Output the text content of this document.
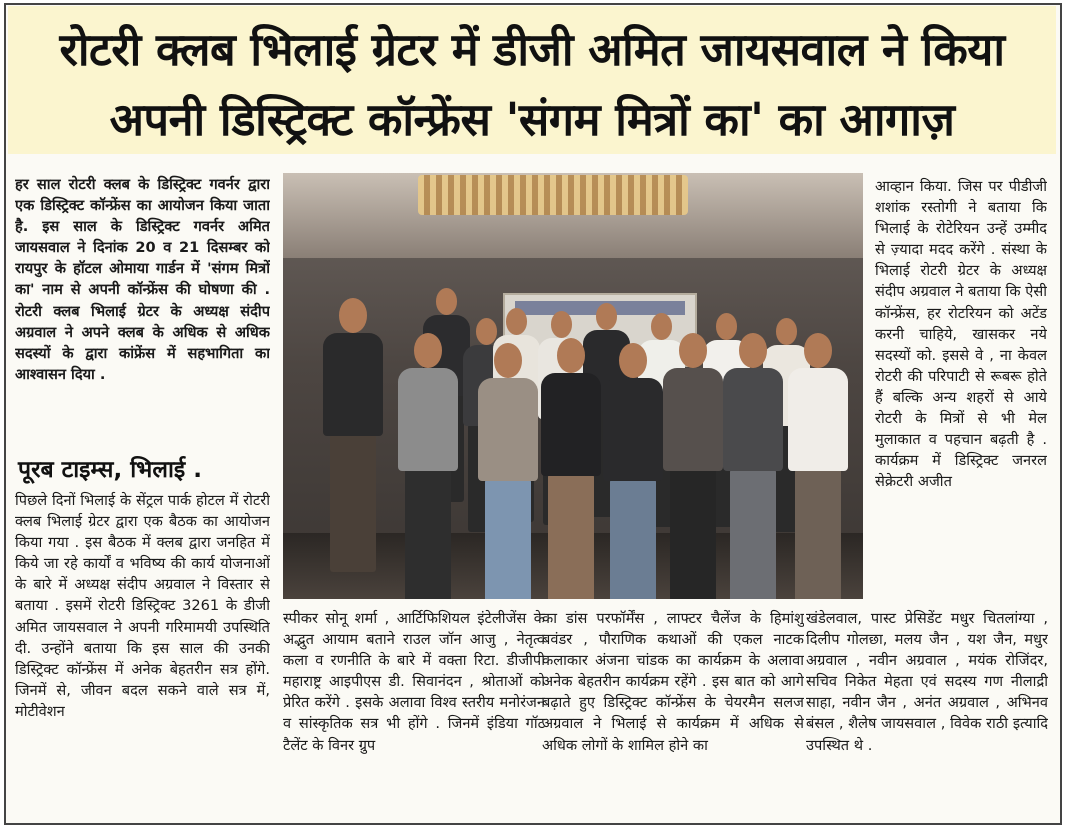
रोटरी क्लब भिलाई ग्रेटर में डीजी अमित जायसवाल ने किया
अपनी डिस्ट्रिक्ट कॉन्फ्रेंस 'संगम मित्रों का' का आगाज़

हर साल रोटरी क्लब के डिस्ट्रिक्ट गवर्नर द्वारा एक डिस्ट्रिक्ट कॉन्फ्रेंस का आयोजन किया जाता है. इस साल के डिस्ट्रिक्ट गवर्नर अमित जायसवाल ने दिनांक 20 व 21 दिसम्बर को रायपुर के हॉटल ओमाया गार्डन में 'संगम मित्रों का' नाम से अपनी कॉन्फ्रेंस की घोषणा की . रोटरी क्लब भिलाई ग्रेटर के अध्यक्ष संदीप अग्रवाल ने अपने क्लब के अधिक से अधिक सदस्यों के द्वारा कांफ्रेंस में सहभागिता का आश्वासन दिया .

पूरब टाइम्स, भिलाई .

पिछले दिनों भिलाई के सेंट्रल पार्क होटल में रोटरी क्लब भिलाई ग्रेटर द्वारा एक बैठक का आयोजन किया गया . इस बैठक में क्लब द्वारा जनहित में किये जा रहे कार्यों व भविष्य की कार्य योजनाओं के बारे में अध्यक्ष संदीप अग्रवाल ने विस्तार से बताया . इसमें रोटरी डिस्ट्रिक्ट 3261 के डीजी अमित जायसवाल ने अपनी गरिमामयी उपस्थिति दी. उन्होंने बताया कि इस साल की उनकी डिस्ट्रिक्ट कॉन्फ्रेंस में अनेक बेहतरीन सत्र होंगे. जिनमें से, जीवन बदल सकने वाले सत्र में, मोटीवेशन

स्पीकर सोनू शर्मा , आर्टिफिशियल इंटेलीजेंस के अद्भुत आयाम बताने राउल जॉन आजु , नेतृत्व कला व रणनीति के बारे में वक्ता रिटा. डीजीपी महाराष्ट्र आइपीएस डी. सिवानंदन , श्रोताओं को प्रेरित करेंगे . इसके अलावा विश्व स्तरीय मनोरंजन व सांस्कृतिक सत्र भी होंगे . जिनमें इंडिया गॉट टैलेंट के विनर ग्रुप

का डांस परफॉर्मेंस , लाफ्टर चैलेंज के हिमांशु बवंडर , पौराणिक कथाओं की एकल नाटक कलाकार अंजना चांडक का कार्यक्रम के अलावा अनेक बेहतरीन कार्यक्रम रहेंगे . इस बात को आगे बढ़ाते हुए डिस्ट्रिक्ट कॉन्फ्रेंस के चेयरमैन सलज अग्रवाल ने भिलाई से कार्यक्रम में अधिक से अधिक लोगों के शामिल होने का

आव्हान किया. जिस पर पीडीजी शशांक रस्तोगी ने बताया कि भिलाई के रोटेरियन उन्हें उम्मीद से ज़्यादा मदद करेंगे . संस्था के भिलाई रोटरी ग्रेटर के अध्यक्ष संदीप अग्रवाल ने बताया कि ऐसी कॉन्फ्रेंस, हर रोटरियन को अटेंड करनी चाहिये, खासकर नये सदस्यों को. इससे वे , ना केवल रोटरी की परिपाटी से रूबरू होते हैं बल्कि अन्य शहरों से आये रोटरी के मित्रों से भी मेल मुलाकात व पहचान बढ़ती है . कार्यक्रम में डिस्ट्रिक्ट जनरल सेक्रेटरी अजीत

खंडेलवाल, पास्ट प्रेसिडेंट मधुर चितलांग्या , दिलीप गोलछा, मलय जैन , यश जैन, मधुर अग्रवाल , नवीन अग्रवाल , मयंक रोजिंदर, सचिव निकेत मेहता एवं सदस्य गण नीलाद्री साहा, नवीन जैन , अनंत अग्रवाल , अभिनव बंसल , शैलेष जायसवाल , विवेक राठी इत्यादि उपस्थित थे .
